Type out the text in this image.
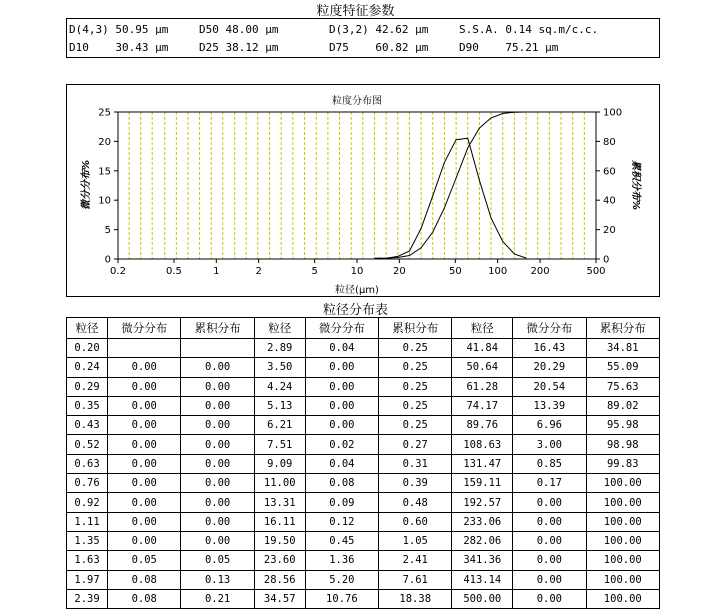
粒度特征参数
D(4,3) 50.95 μm	D50 48.00 μm	D(3,2) 42.62 μm	S.S.A. 0.14 sq.m/c.c.
D10    30.43 μm	D25 38.12 μm	D75    60.82 μm	D90    75.21 μm
粒度分布图
0.2	0.5	1	2	5	10	20	50	100 200	500
0
5
10
15
20
25
0
20
40
60
80
100
粒径(μm)
微分分布%	累积分布%
粒径分布表
粒径	微分分布	累积分布	粒径	微分分布	累积分布	粒径	微分分布	累积分布
0.20			2.89	0.04	0.25	41.84	16.43	34.81
0.24	0.00	0.00	3.50	0.00	0.25	50.64	20.29	55.09
0.29	0.00	0.00	4.24	0.00	0.25	61.28	20.54	75.63
0.35	0.00	0.00	5.13	0.00	0.25	74.17	13.39	89.02
0.43	0.00	0.00	6.21	0.00	0.25	89.76	6.96	95.98
0.52	0.00	0.00	7.51	0.02	0.27	108.63	3.00	98.98
0.63	0.00	0.00	9.09	0.04	0.31	131.47	0.85	99.83
0.76	0.00	0.00	11.00	0.08	0.39	159.11	0.17	100.00
0.92	0.00	0.00	13.31	0.09	0.48	192.57	0.00	100.00
1.11	0.00	0.00	16.11	0.12	0.60	233.06	0.00	100.00
1.35	0.00	0.00	19.50	0.45	1.05	282.06	0.00	100.00
1.63	0.05	0.05	23.60	1.36	2.41	341.36	0.00	100.00
1.97	0.08	0.13	28.56	5.20	7.61	413.14	0.00	100.00
2.39	0.08	0.21	34.57	10.76	18.38	500.00	0.00	100.00
